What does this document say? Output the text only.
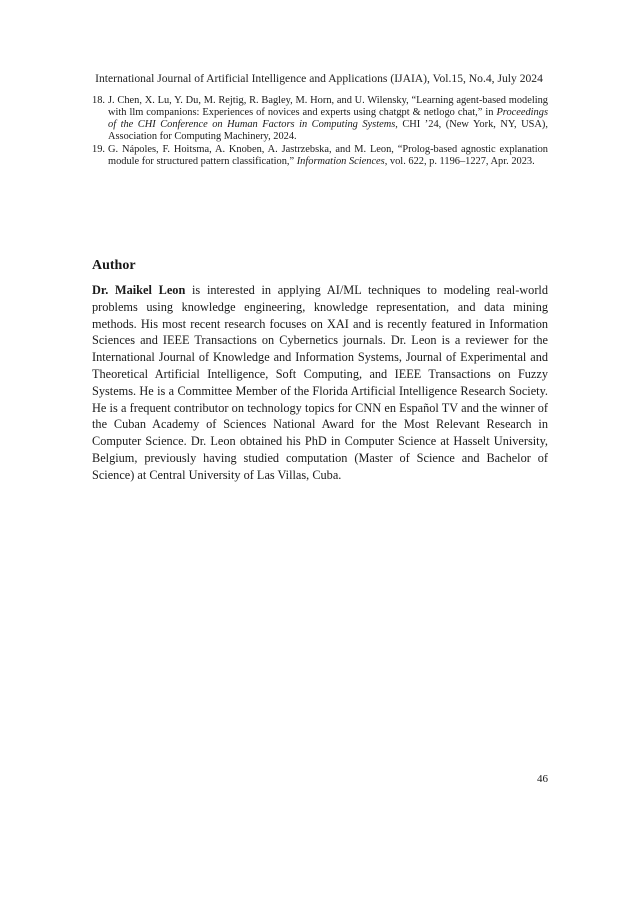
International Journal of Artificial Intelligence and Applications (IJAIA), Vol.15, No.4, July 2024
18. J. Chen, X. Lu, Y. Du, M. Rejtig, R. Bagley, M. Horn, and U. Wilensky, “Learning agent-based modeling with llm companions: Experiences of novices and experts using chatgpt & netlogo chat,” in Proceedings of the CHI Conference on Human Factors in Computing Systems, CHI ’24, (New York, NY, USA), Association for Computing Machinery, 2024.
19. G. Nápoles, F. Hoitsma, A. Knoben, A. Jastrzebska, and M. Leon, “Prolog-based agnostic explanation module for structured pattern classification,” Information Sciences, vol. 622, p. 1196–1227, Apr. 2023.
Author

Dr. Maikel Leon is interested in applying AI/ML techniques to modeling real-world problems using knowledge engineering, knowledge representation, and data mining methods. His most recent research focuses on XAI and is recently featured in Information Sciences and IEEE Transactions on Cybernetics journals. Dr. Leon is a reviewer for the International Journal of Knowledge and Information Systems, Journal of Experimental and Theoretical Artificial Intelligence, Soft Computing, and IEEE Transactions on Fuzzy Systems. He is a Committee Member of the Florida Artificial Intelligence Research Society. He is a frequent contributor on technology topics for CNN en Español TV and the winner of the Cuban Academy of Sciences National Award for the Most Relevant Research in Computer Science. Dr. Leon obtained his PhD in Computer Science at Hasselt University, Belgium, previously having studied computation (Master of Science and Bachelor of Science) at Central University of Las Villas, Cuba.

46
